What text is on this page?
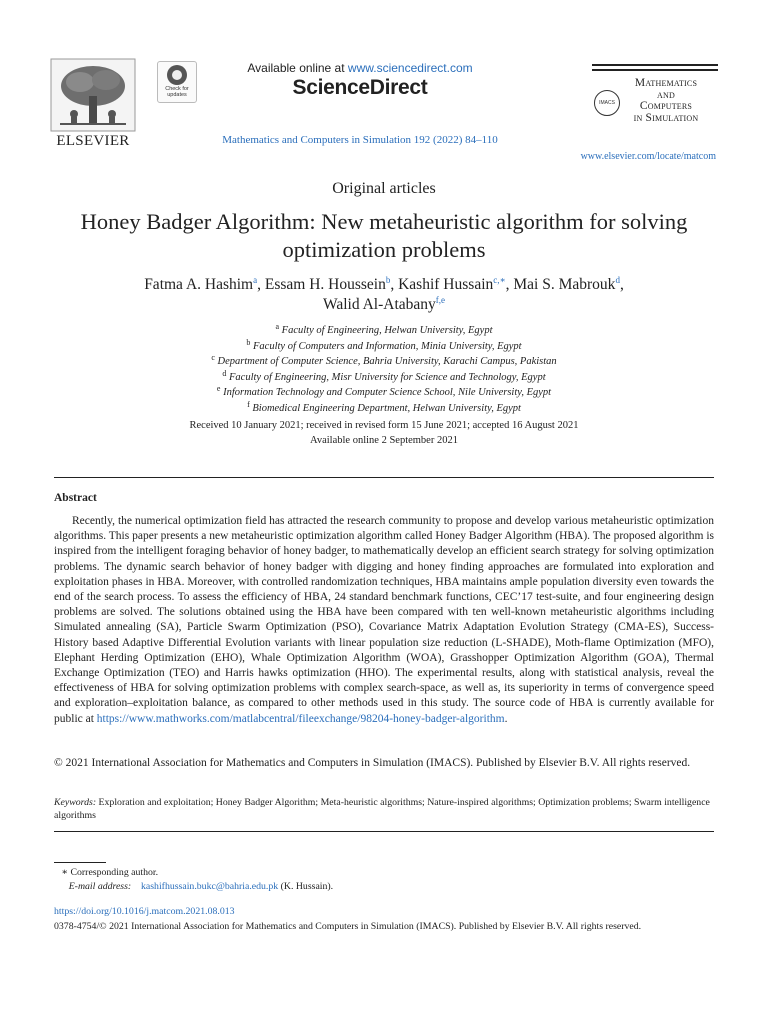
ELSEVIER
Check for updates
Available online at www.sciencedirect.com
ScienceDirect
Mathematics and Computers in Simulation 192 (2022) 84–110
IMACS
Mathematics
and
Computers
in Simulation
www.elsevier.com/locate/matcom
Original articles
Honey Badger Algorithm: New metaheuristic algorithm for solving optimization problems
Fatma A. Hashim$^a$, Essam H. Houssein$^b$, Kashif Hussain$^{c,∗}$, Mai S. Mabrouk$^d$,
Walid Al-Atabany$^{f,e}$
$^a$ Faculty of Engineering, Helwan University, Egypt
$^b$ Faculty of Computers and Information, Minia University, Egypt
$^c$ Department of Computer Science, Bahria University, Karachi Campus, Pakistan
$^d$ Faculty of Engineering, Misr University for Science and Technology, Egypt
$^e$ Information Technology and Computer Science School, Nile University, Egypt
$^f$ Biomedical Engineering Department, Helwan University, Egypt
Received 10 January 2021; received in revised form 15 June 2021; accepted 16 August 2021
Available online 2 September 2021
Abstract
Recently, the numerical optimization field has attracted the research community to propose and develop various metaheuristic optimization algorithms. This paper presents a new metaheuristic optimization algorithm called Honey Badger Algorithm (HBA). The proposed algorithm is inspired from the intelligent foraging behavior of honey badger, to mathematically develop an efficient search strategy for solving optimization problems. The dynamic search behavior of honey badger with digging and honey finding approaches are formulated into exploration and exploitation phases in HBA. Moreover, with controlled randomization techniques, HBA maintains ample population diversity even towards the end of the search process. To assess the efficiency of HBA, 24 standard benchmark functions, CEC’17 test-suite, and four engineering design problems are solved. The solutions obtained using the HBA have been compared with ten well-known metaheuristic algorithms including Simulated annealing (SA), Particle Swarm Optimization (PSO), Covariance Matrix Adaptation Evolution Strategy (CMA-ES), Success-History based Adaptive Differential Evolution variants with linear population size reduction (L-SHADE), Moth-flame Optimization (MFO), Elephant Herding Optimization (EHO), Whale Optimization Algorithm (WOA), Grasshopper Optimization Algorithm (GOA), Thermal Exchange Optimization (TEO) and Harris hawks optimization (HHO). The experimental results, along with statistical analysis, reveal the effectiveness of HBA for solving optimization problems with complex search-space, as well as, its superiority in terms of convergence speed and exploration–exploitation balance, as compared to other methods used in this study. The source code of HBA is currently available for public at https://www.mathworks.com/matlabcentral/fileexchange/98204-honey-badger-algorithm.
© 2021 International Association for Mathematics and Computers in Simulation (IMACS). Published by Elsevier B.V. All rights reserved.
Keywords: Exploration and exploitation; Honey Badger Algorithm; Meta-heuristic algorithms; Nature-inspired algorithms; Optimization problems; Swarm intelligence algorithms
∗ Corresponding author.
E-mail address: kashifhussain.bukc@bahria.edu.pk (K. Hussain).
https://doi.org/10.1016/j.matcom.2021.08.013
0378-4754/© 2021 International Association for Mathematics and Computers in Simulation (IMACS). Published by Elsevier B.V. All rights reserved.
